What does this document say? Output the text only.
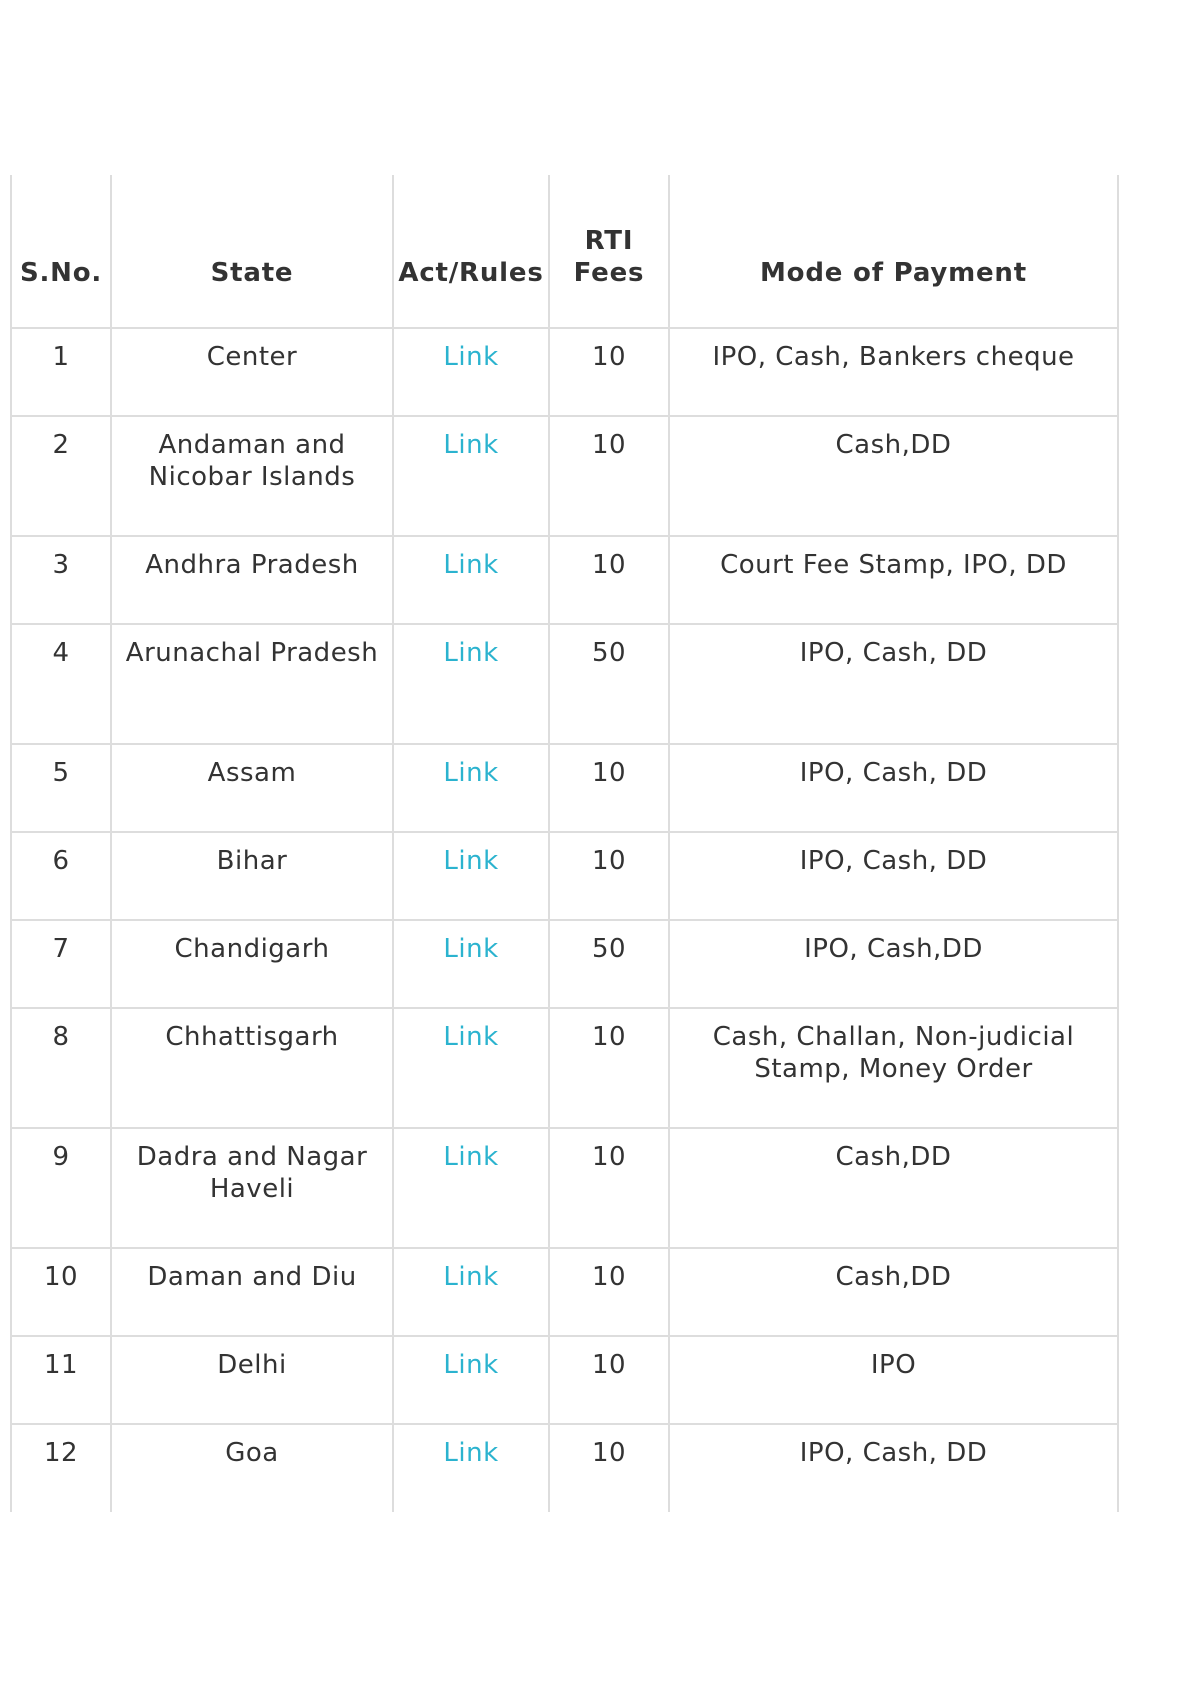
S.No.	State	Act/Rules	RTI Fees	Mode of Payment
1	Center	Link	10	IPO, Cash, Bankers cheque
2	Andaman and Nicobar Islands	Link	10	Cash,DD
3	Andhra Pradesh	Link	10	Court Fee Stamp, IPO, DD
4	Arunachal Pradesh	Link	50	IPO, Cash, DD
5	Assam	Link	10	IPO, Cash, DD
6	Bihar	Link	10	IPO, Cash, DD
7	Chandigarh	Link	50	IPO, Cash,DD
8	Chhattisgarh	Link	10	Cash, Challan, Non-judicial Stamp, Money Order
9	Dadra and Nagar Haveli	Link	10	Cash,DD
10	Daman and Diu	Link	10	Cash,DD
11	Delhi	Link	10	IPO
12	Goa	Link	10	IPO, Cash, DD
